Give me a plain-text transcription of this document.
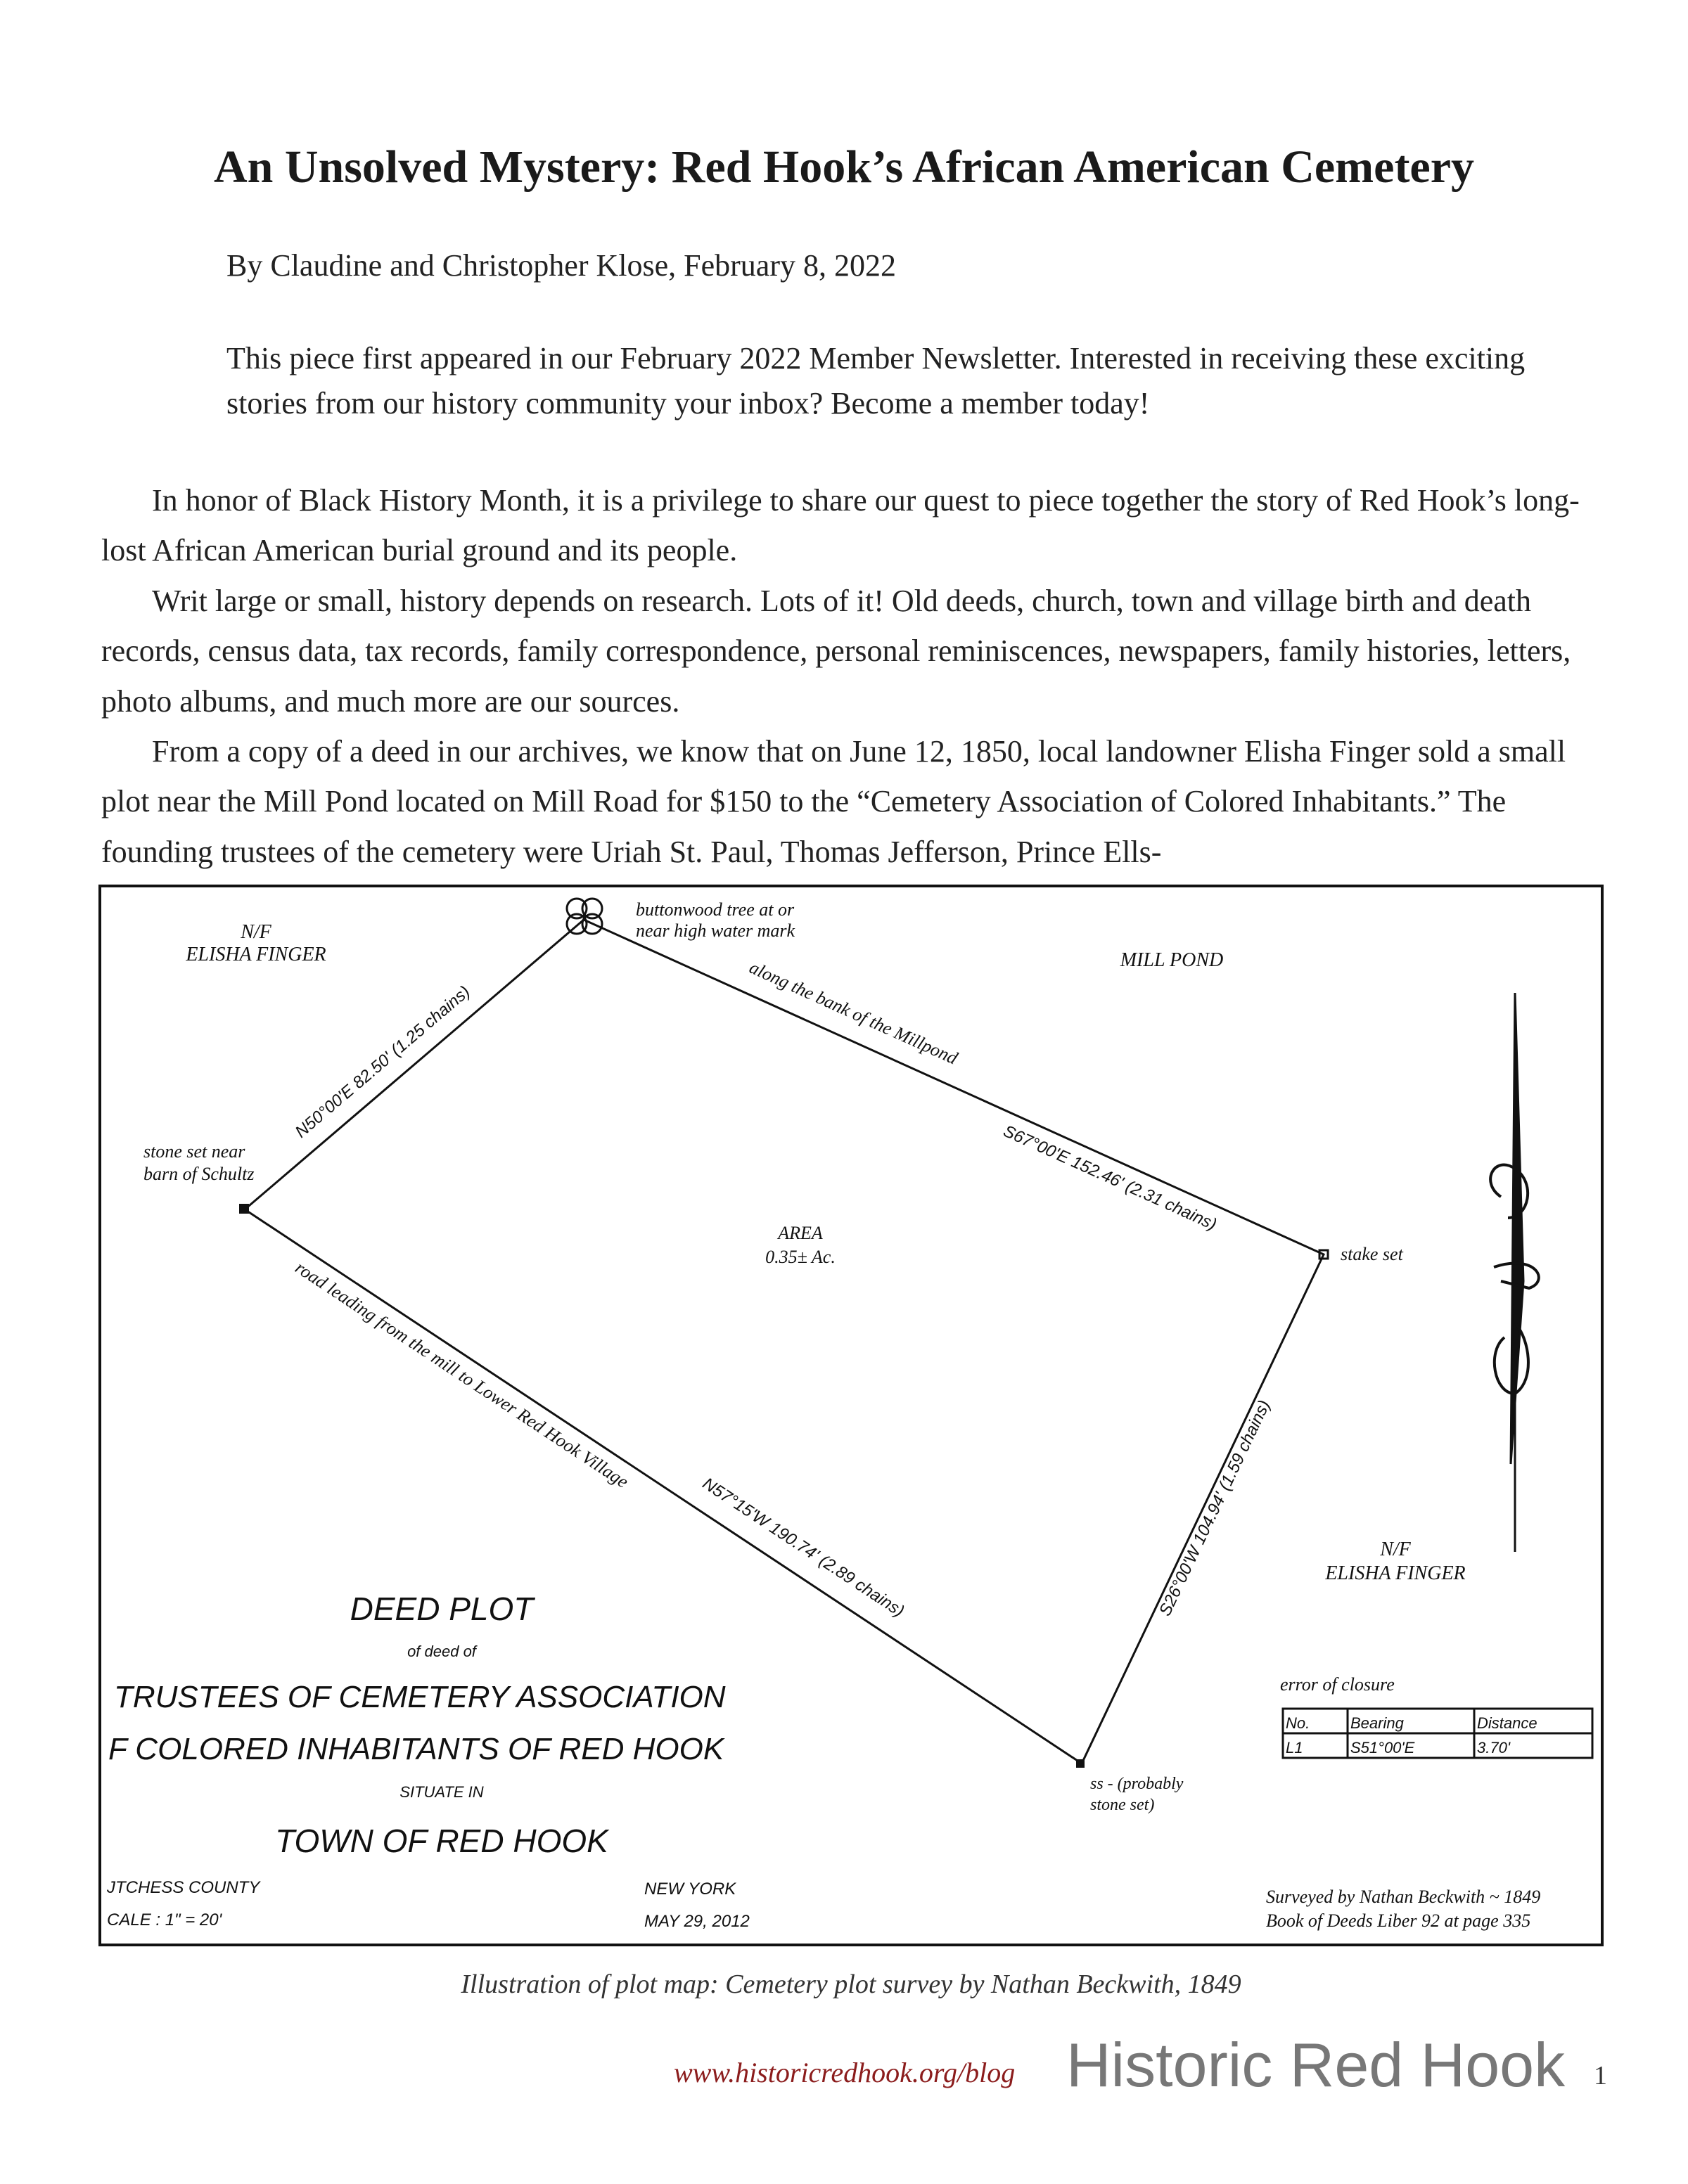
An Unsolved Mystery: Red Hook’s African American Cemetery
By Claudine and Christopher Klose, February 8, 2022
This piece first appeared in our February 2022 Member Newsletter. Interested in receiving these exciting stories from our history community your inbox? Become a member today!

In honor of Black History Month, it is a privilege to share our quest to piece together the story of Red Hook’s long-lost African American burial ground and its people.

Writ large or small, history depends on research. Lots of it! Old deeds, church, town and village birth and death records, census data, tax records, family correspondence, personal reminiscences, newspapers, family histories, letters, photo albums, and much more are our sources.

From a copy of a deed in our archives, we know that on June 12, 1850, local landowner Elisha Finger sold a small plot near the Mill Pond located on Mill Road for $150 to the “Cemetery Association of Colored Inhabitants.” The founding trustees of the cemetery were Uriah St. Paul, Thomas Jefferson, Prince Ells-

N/F ELISHA FINGER
buttonwood tree at or near high water mark
MILL POND
stone set near barn of Schultz
AREA 0.35± Ac.	stake set
N/F ELISHA FINGER
N50°00'E 82.50' (1.25 chains)	along the bank of the Millpond
S67°00'E 152.46' (2.31 chains)
N57°15'W 190.74' (2.89 chains)
road leading from the mill to Lower Red Hook Village
S26°00'W 104.94' (1.59 chains)
ss - (probably stone set)
DEED PLOT
of deed of
TRUSTEES OF CEMETERY ASSOCIATION
F COLORED INHABITANTS OF RED HOOK
SITUATE IN
TOWN OF RED HOOK
JTCHESS COUNTY
CALE : 1" = 20'
NEW YORK
MAY 29, 2012
Surveyed by Nathan Beckwith ~ 1849
Book of Deeds Liber 92 at page 335
error of closure
No.	Bearing	Distance
L1	S51°00'E	3.70'
Illustration of plot map: Cemetery plot survey by Nathan Beckwith, 1849
www.historicredhook.org/blog Historic Red Hook 1
